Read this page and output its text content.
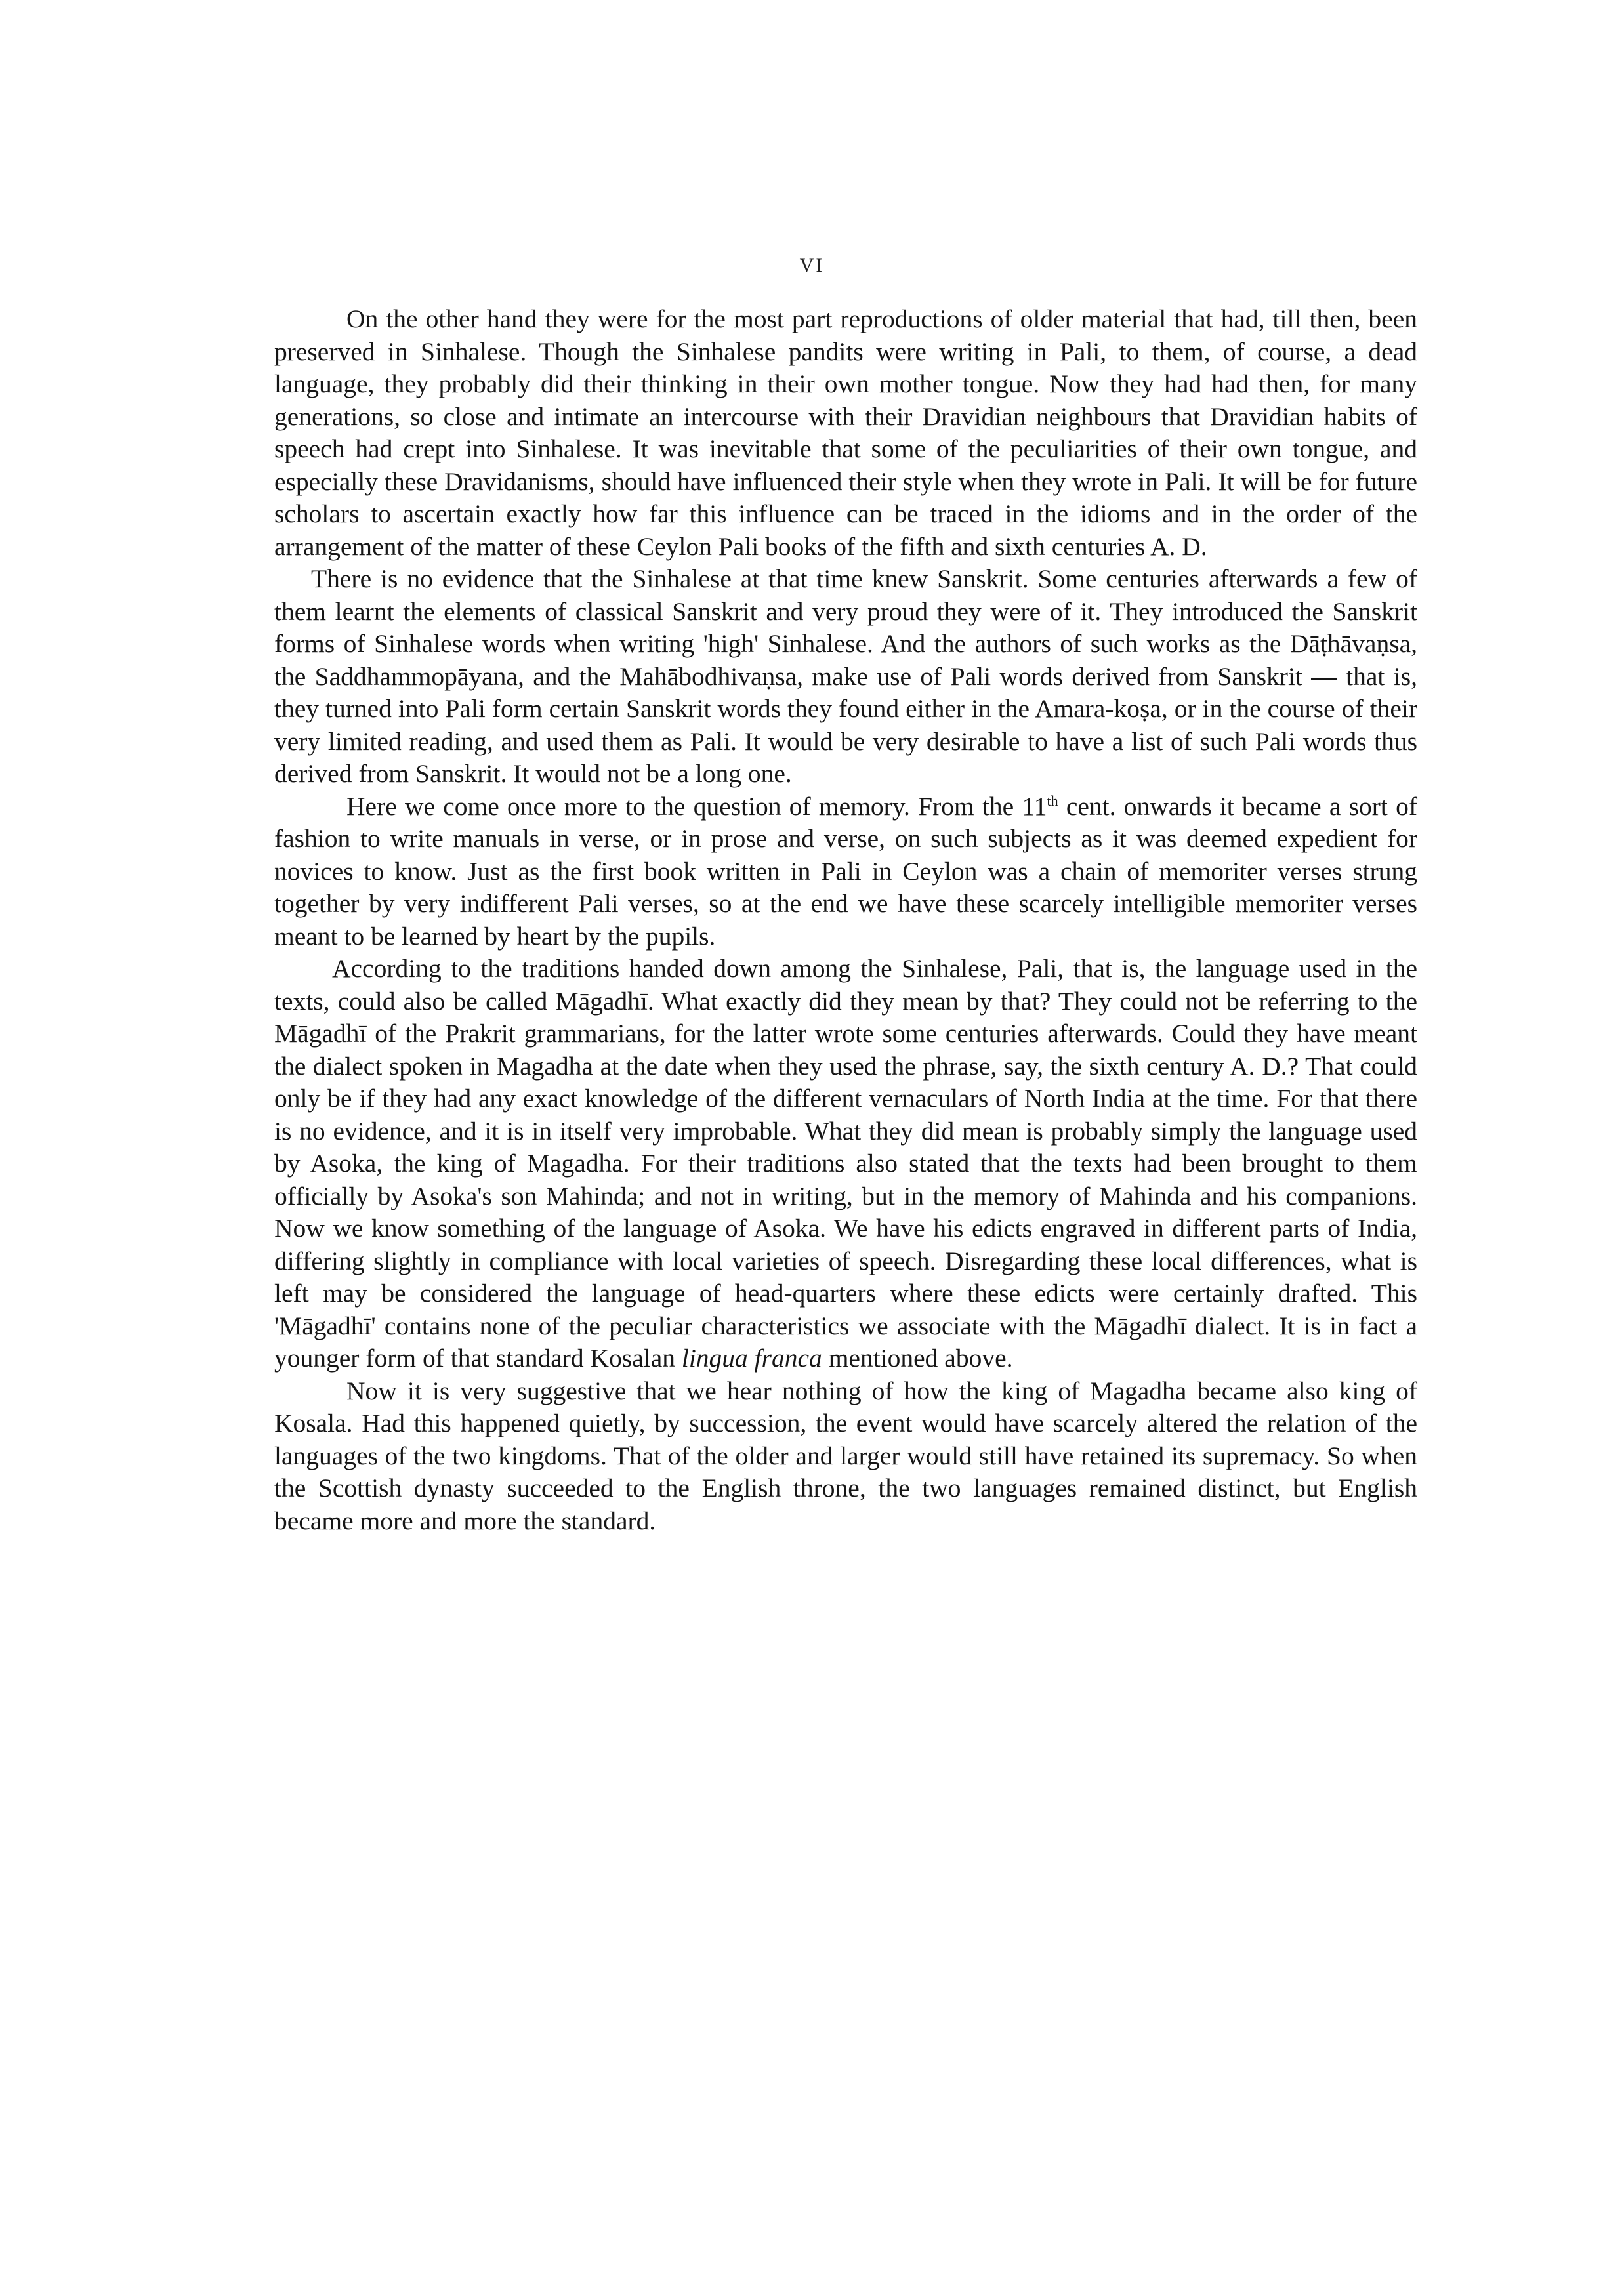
VI

On the other hand they were for the most part reproductions of older material that had, till then, been preserved in Sinhalese. Though the Sinhalese pandits were writing in Pali, to them, of course, a dead language, they probably did their thinking in their own mother tongue. Now they had had then, for many generations, so close and intimate an intercourse with their Dravidian neighbours that Dravidian habits of speech had crept into Sinhalese. It was inevitable that some of the peculiarities of their own tongue, and especially these Dravidanisms, should have influenced their style when they wrote in Pali. It will be for future scholars to ascertain exactly how far this influence can be traced in the idioms and in the order of the arrangement of the matter of these Ceylon Pali books of the fifth and sixth centuries A. D.

There is no evidence that the Sinhalese at that time knew Sanskrit. Some centuries afterwards a few of them learnt the elements of classical Sanskrit and very proud they were of it. They introduced the Sanskrit forms of Sinhalese words when writing 'high' Sinhalese. And the authors of such works as the Dāṭhāvaṇsa, the Saddhammopāyana, and the Mahābodhivaṇsa, make use of Pali words derived from Sanskrit — that is, they turned into Pali form certain Sanskrit words they found either in the Amara-koṣa, or in the course of their very limited reading, and used them as Pali. It would be very desirable to have a list of such Pali words thus derived from Sanskrit. It would not be a long one.

Here we come once more to the question of memory. From the 11th cent. onwards it became a sort of fashion to write manuals in verse, or in prose and verse, on such subjects as it was deemed expedient for novices to know. Just as the first book written in Pali in Ceylon was a chain of memoriter verses strung together by very indifferent Pali verses, so at the end we have these scarcely intelligible memoriter verses meant to be learned by heart by the pupils.

According to the traditions handed down among the Sinhalese, Pali, that is, the language used in the texts, could also be called Māgadhī. What exactly did they mean by that? They could not be referring to the Māgadhī of the Prakrit grammarians, for the latter wrote some centuries afterwards. Could they have meant the dialect spoken in Magadha at the date when they used the phrase, say, the sixth century A. D.? That could only be if they had any exact knowledge of the different vernaculars of North India at the time. For that there is no evidence, and it is in itself very improbable. What they did mean is probably simply the language used by Asoka, the king of Magadha. For their traditions also stated that the texts had been brought to them officially by Asoka's son Mahinda; and not in writing, but in the memory of Mahinda and his companions. Now we know something of the language of Asoka. We have his edicts engraved in different parts of India, differing slightly in compliance with local varieties of speech. Disregarding these local differences, what is left may be considered the language of head-quarters where these edicts were certainly drafted. This 'Māgadhī' contains none of the peculiar characteristics we associate with the Māgadhī dialect. It is in fact a younger form of that standard Kosalan lingua franca mentioned above.

Now it is very suggestive that we hear nothing of how the king of Magadha became also king of Kosala. Had this happened quietly, by succession, the event would have scarcely altered the relation of the languages of the two kingdoms. That of the older and larger would still have retained its supremacy. So when the Scottish dynasty succeeded to the English throne, the two languages remained distinct, but English became more and more the standard.
